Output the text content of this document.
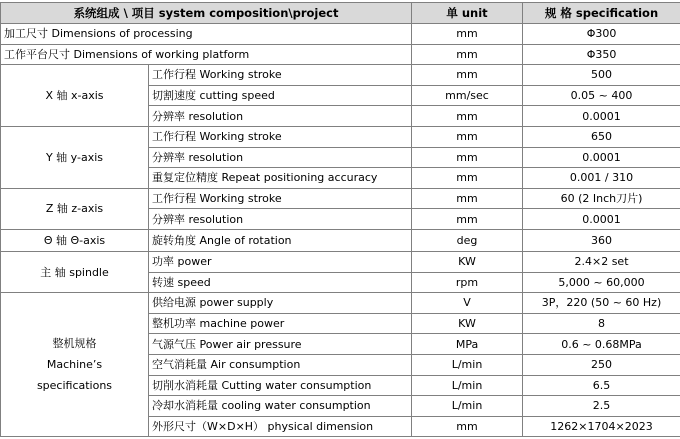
系统组成 \ 项目 system composition\project		单 unit	规 格 specification
加工尺寸 Dimensions of processing		mm	Φ300
工作平台尺寸 Dimensions of working platform		mm	Φ350
X 轴 x-axis	工作行程 Working stroke	mm	500
	切割速度 cutting speed	mm/sec	0.05 ~ 400
	分辨率 resolution	mm	0.0001
Y 轴 y-axis	工作行程 Working stroke	mm	650
	分辨率 resolution	mm	0.0001
	重复定位精度 Repeat positioning accuracy	mm	0.001 / 310
Z 轴 z-axis	工作行程 Working stroke	mm	60 (2 Inch刀片)
	分辨率 resolution	mm	0.0001
Θ 轴 Θ-axis	旋转角度 Angle of rotation	deg	360
主 轴 spindle	功率 power	KW	2.4×2 set
	转速 speed	rpm	5,000 ~ 60,000

整机规格
Machine’s
specifications	供给电源 power supply	V	3P，220 (50 ~ 60 Hz)
	整机功率 machine power	KW	8
	气源气压 Power air pressure	MPa	0.6 ~ 0.68MPa
	空气消耗量 Air consumption	L/min	250
	切削水消耗量 Cutting water consumption	L/min	6.5
	冷却水消耗量 cooling water consumption	L/min	2.5
	外形尺寸（W×D×H） physical dimension	mm	1262×1704×2023
